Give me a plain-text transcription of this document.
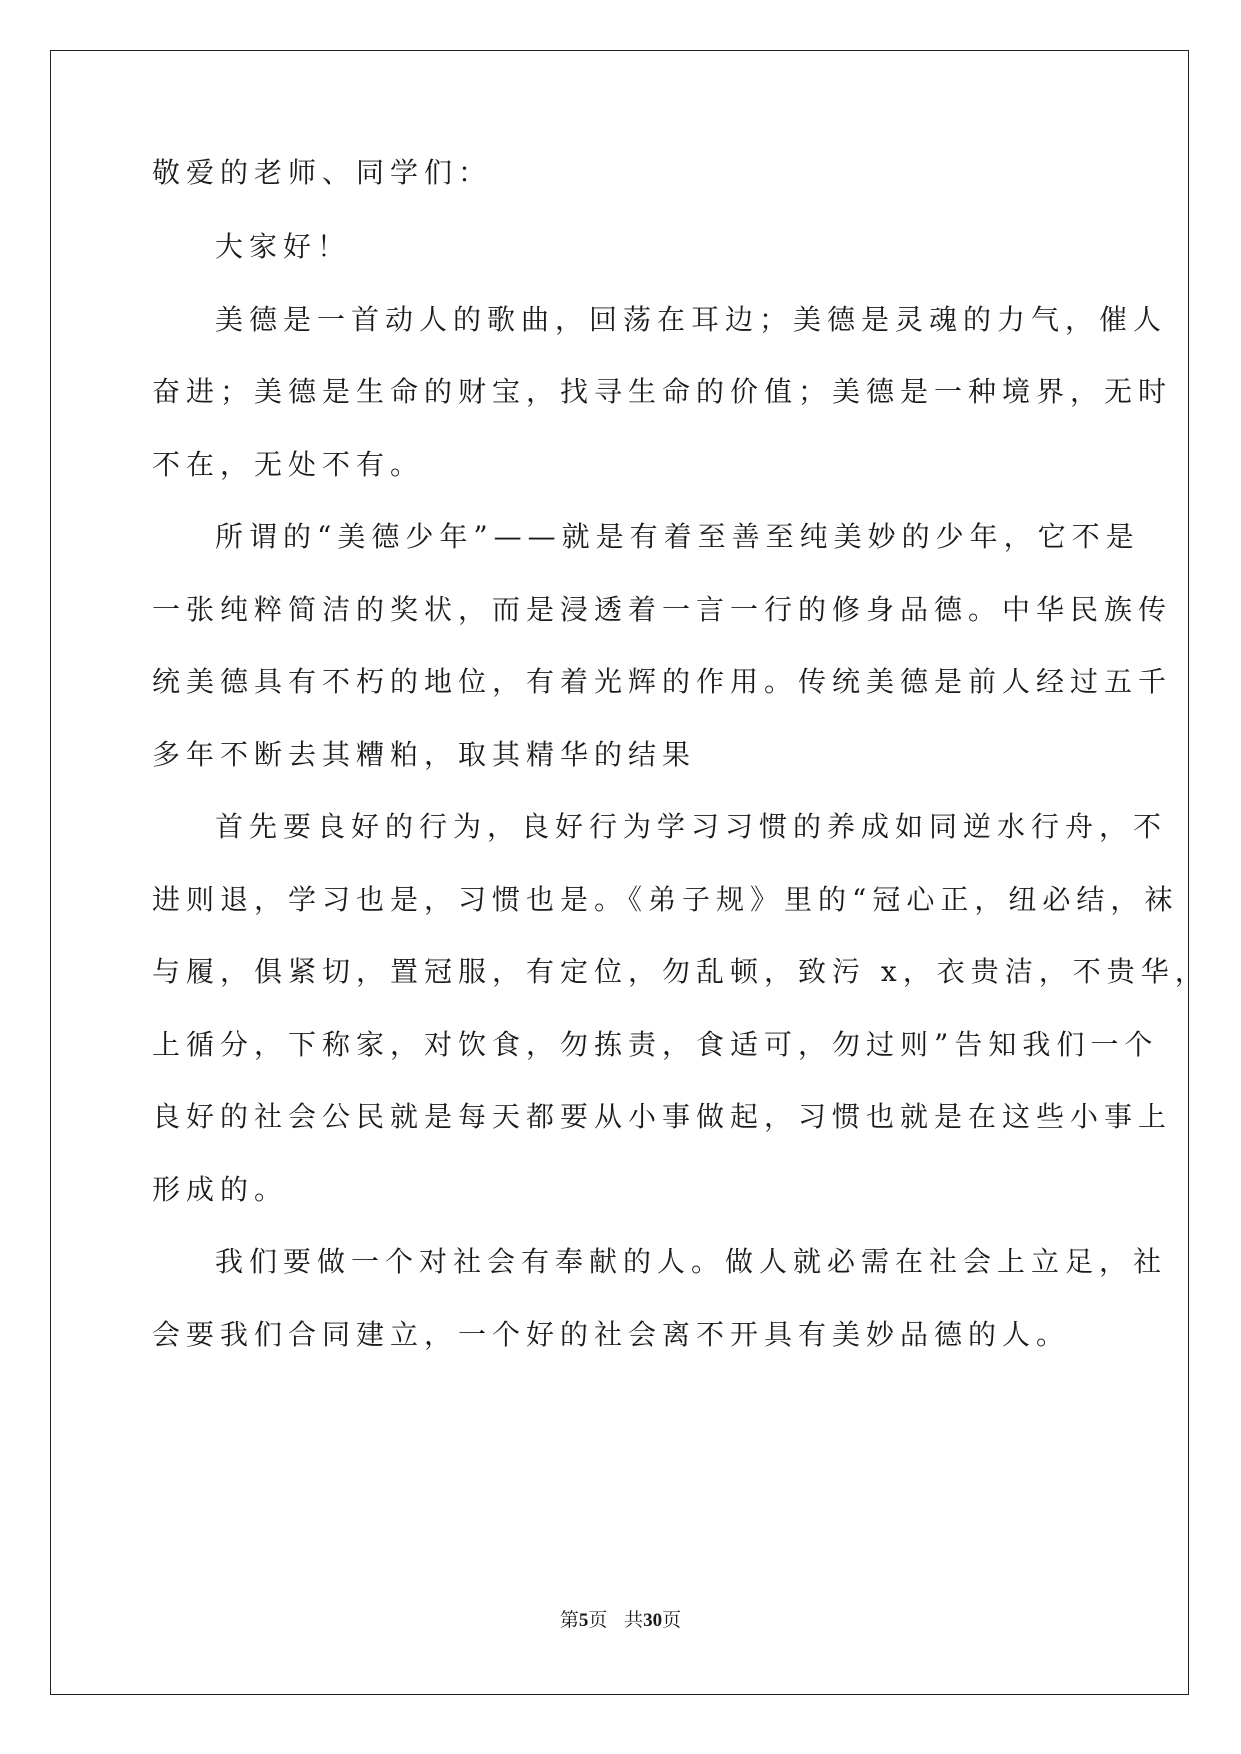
敬爱的老师、同学们：
大家好！
美德是一首动人的歌曲，回荡在耳边；美德是灵魂的力气，催人
奋进；美德是生命的财宝，找寻生命的价值；美德是一种境界，无时
不在，无处不有。
所谓的“美德少年”——就是有着至善至纯美妙的少年，它不是
一张纯粹简洁的奖状，而是浸透着一言一行的修身品德。中华民族传
统美德具有不朽的地位，有着光辉的作用。传统美德是前人经过五千
多年不断去其糟粕，取其精华的结果
首先要良好的行为，良好行为学习习惯的养成如同逆水行舟，不
进则退，学习也是，习惯也是。《弟子规》里的“冠心正，纽必结，袜
与履，俱紧切，置冠服，有定位，勿乱顿，致污 x，衣贵洁，不贵华，
上循分，下称家，对饮食，勿拣责，食适可，勿过则”告知我们一个
良好的社会公民就是每天都要从小事做起，习惯也就是在这些小事上
形成的。
我们要做一个对社会有奉献的人。做人就必需在社会上立足，社
会要我们合同建立，一个好的社会离不开具有美妙品德的人。
第5页 共30页
